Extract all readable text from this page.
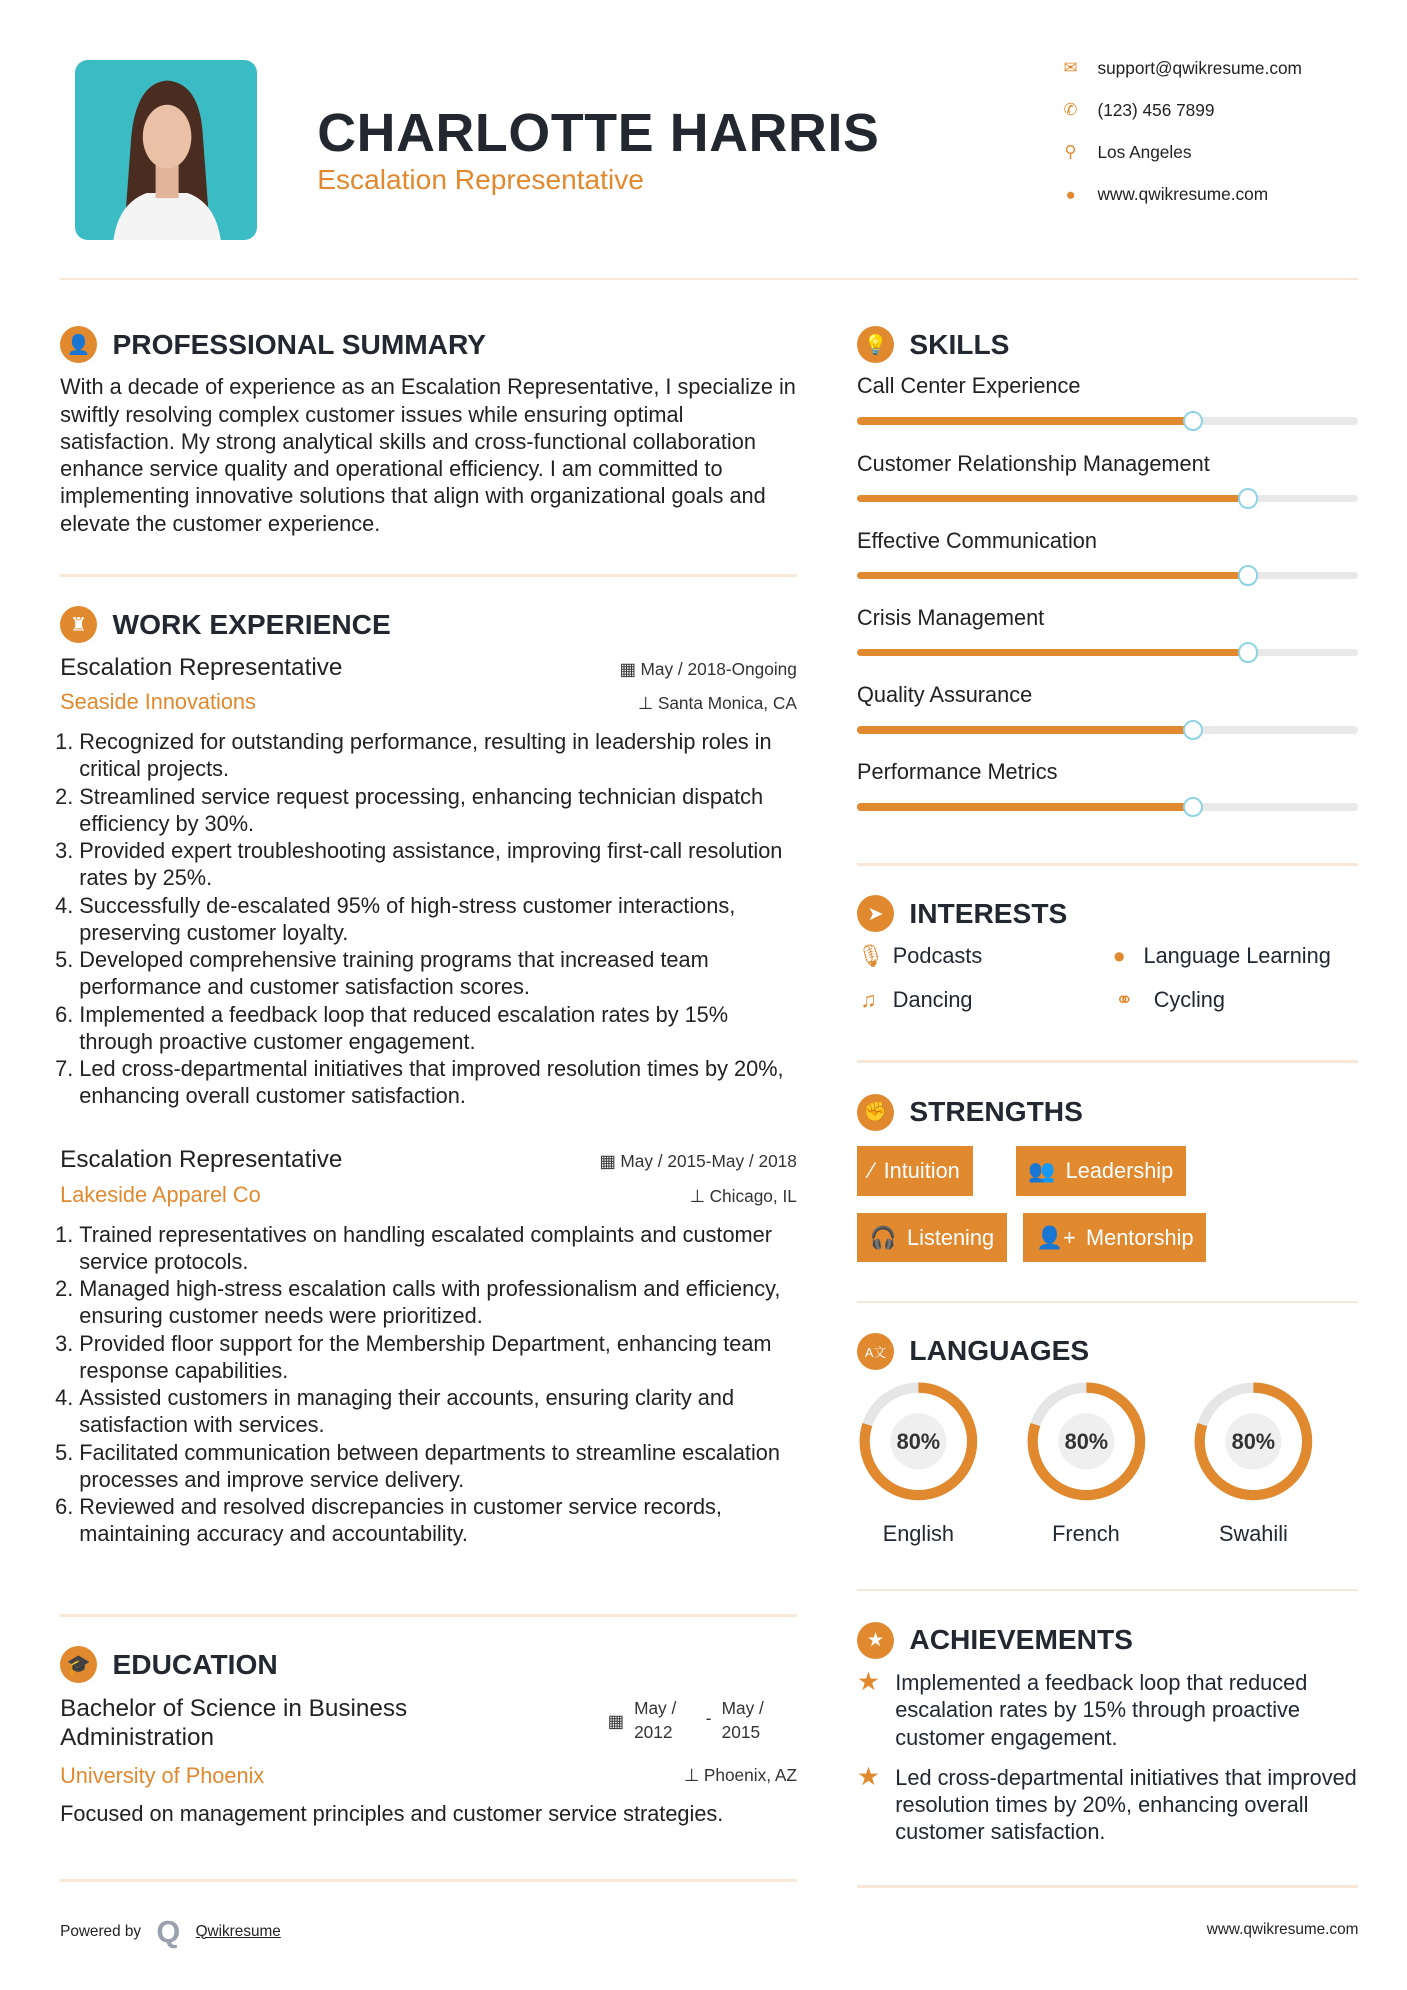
CHARLOTTE HARRIS
Escalation Representative
✉ support@qwikresume.com
✆ (123) 456 7899
⚲ Los Angeles
● www.qwikresume.com
👤 PROFESSIONAL SUMMARY
With a decade of experience as an Escalation Representative, I specialize in swiftly resolving complex customer issues while ensuring optimal satisfaction. My strong analytical skills and cross-functional collaboration enhance service quality and operational efficiency. I am committed to implementing innovative solutions that align with organizational goals and elevate the customer experience.
♜	WORK EXPERIENCE
Escalation Representative	▦ May / 2018-Ongoing
Seaside Innovations	⊥ Santa Monica, CA
1. Recognized for outstanding performance, resulting in leadership roles in critical projects.
2. Streamlined service request processing, enhancing technician dispatch efficiency by 30%.
3. Provided expert troubleshooting assistance, improving first-call resolution rates by 25%.
4. Successfully de-escalated 95% of high-stress customer interactions, preserving customer loyalty.
5. Developed comprehensive training programs that increased team performance and customer satisfaction scores.
6. Implemented a feedback loop that reduced escalation rates by 15% through proactive customer engagement.
7. Led cross-departmental initiatives that improved resolution times by 20%, enhancing overall customer satisfaction.
Escalation Representative	▦ May / 2015-May / 2018
Lakeside Apparel Co	⊥ Chicago, IL
1. Trained representatives on handling escalated complaints and customer service protocols.
2. Managed high-stress escalation calls with professionalism and efficiency, ensuring customer needs were prioritized.
3. Provided floor support for the Membership Department, enhancing team response capabilities.
4. Assisted customers in managing their accounts, ensuring clarity and satisfaction with services.
5. Facilitated communication between departments to streamline escalation processes and improve service delivery.
6. Reviewed and resolved discrepancies in customer service records, maintaining accuracy and accountability.
🎓 EDUCATION
Bachelor of Science in Business Administration
▦
May / 2012
-
May / 2015
University of Phoenix	⊥ Phoenix, AZ
Focused on management principles and customer service strategies.
💡 SKILLS
Call Center Experience
Customer Relationship Management
Effective Communication
Crisis Management
Quality Assurance
Performance Metrics
➤	INTERESTS
🎙 Podcasts	● Language Learning
♫ Dancing	⚭	Cycling
✊ STRENGTHS
⁄ Intuition	👥 Leadership
🎧 Listening 👤+ Mentorship
A文	LANGUAGES
80%
English
80%
French
80%
Swahili
★	ACHIEVEMENTS
★ Implemented a feedback loop that reduced escalation rates by 15% through proactive customer engagement.
★ Led cross-departmental initiatives that improved resolution times by 20%, enhancing overall customer satisfaction.
Powered by Q Qwikresume	www.qwikresume.com
